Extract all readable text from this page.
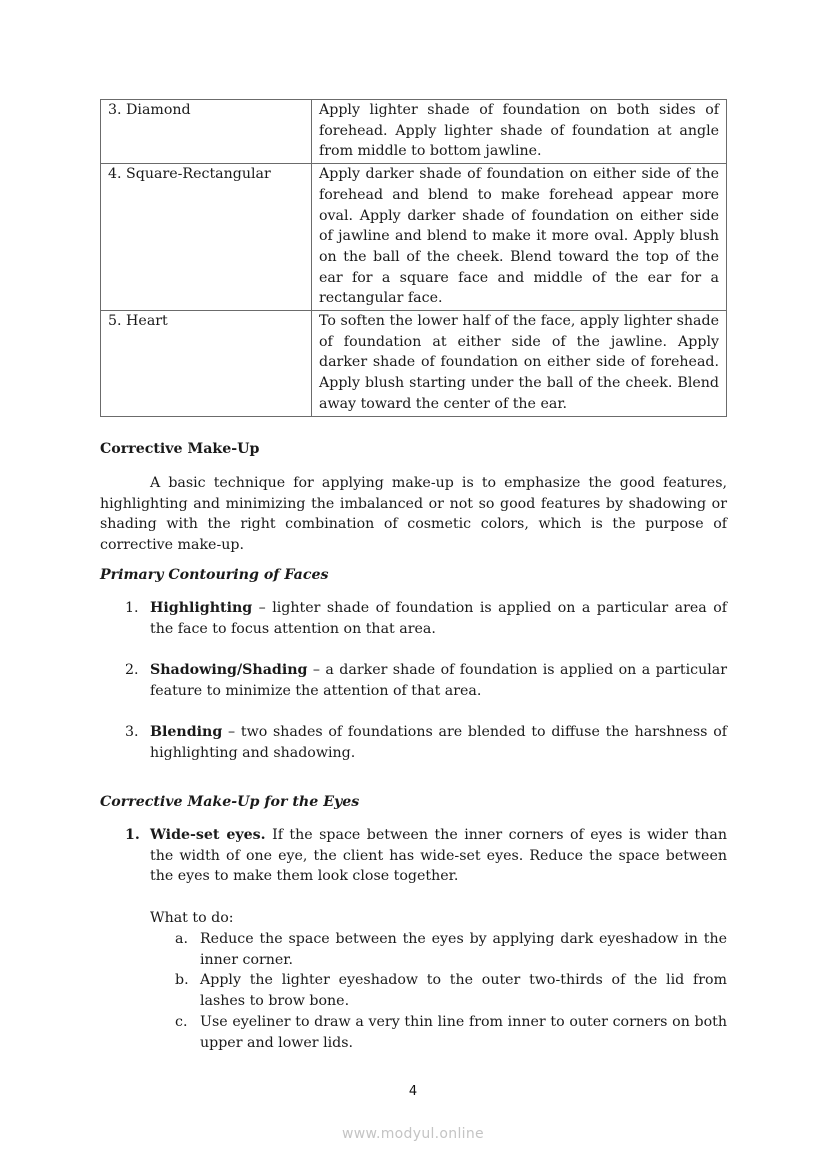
3. Diamond	Apply lighter shade of foundation on both sides of forehead. Apply lighter shade of foundation at angle from middle to bottom jawline.
4. Square-Rectangular	Apply darker shade of foundation on either side of the forehead and blend to make forehead appear more oval. Apply darker shade of foundation on either side of jawline and blend to make it more oval. Apply blush on the ball of the cheek. Blend toward the top of the ear for a square face and middle of the ear for a rectangular face.
5. Heart	To soften the lower half of the face, apply lighter shade of foundation at either side of the jawline. Apply darker shade of foundation on either side of forehead. Apply blush starting under the ball of the cheek. Blend away toward the center of the ear.
Corrective Make-Up

A basic technique for applying make-up is to emphasize the good features, highlighting and minimizing the imbalanced or not so good features by shadowing or shading with the right combination of cosmetic colors, which is the purpose of corrective make-up.

Primary Contouring of Faces
1. Highlighting – lighter shade of foundation is applied on a particular area of the face to focus attention on that area.
2. Shadowing/Shading – a darker shade of foundation is applied on a particular feature to minimize the attention of that area.
3. Blending – two shades of foundations are blended to diffuse the harshness of highlighting and shadowing.
Corrective Make-Up for the Eyes
1. Wide-set eyes. If the space between the inner corners of eyes is wider than the width of one eye, the client has wide-set eyes. Reduce the space between the eyes to make them look close together.

What to do:

a. Reduce the space between the eyes by applying dark eyeshadow in the inner corner.
b. Apply the lighter eyeshadow to the outer two-thirds of the lid from lashes to brow bone.
c. Use eyeliner to draw a very thin line from inner to outer corners on both upper and lower lids.
4
www.modyul.online
